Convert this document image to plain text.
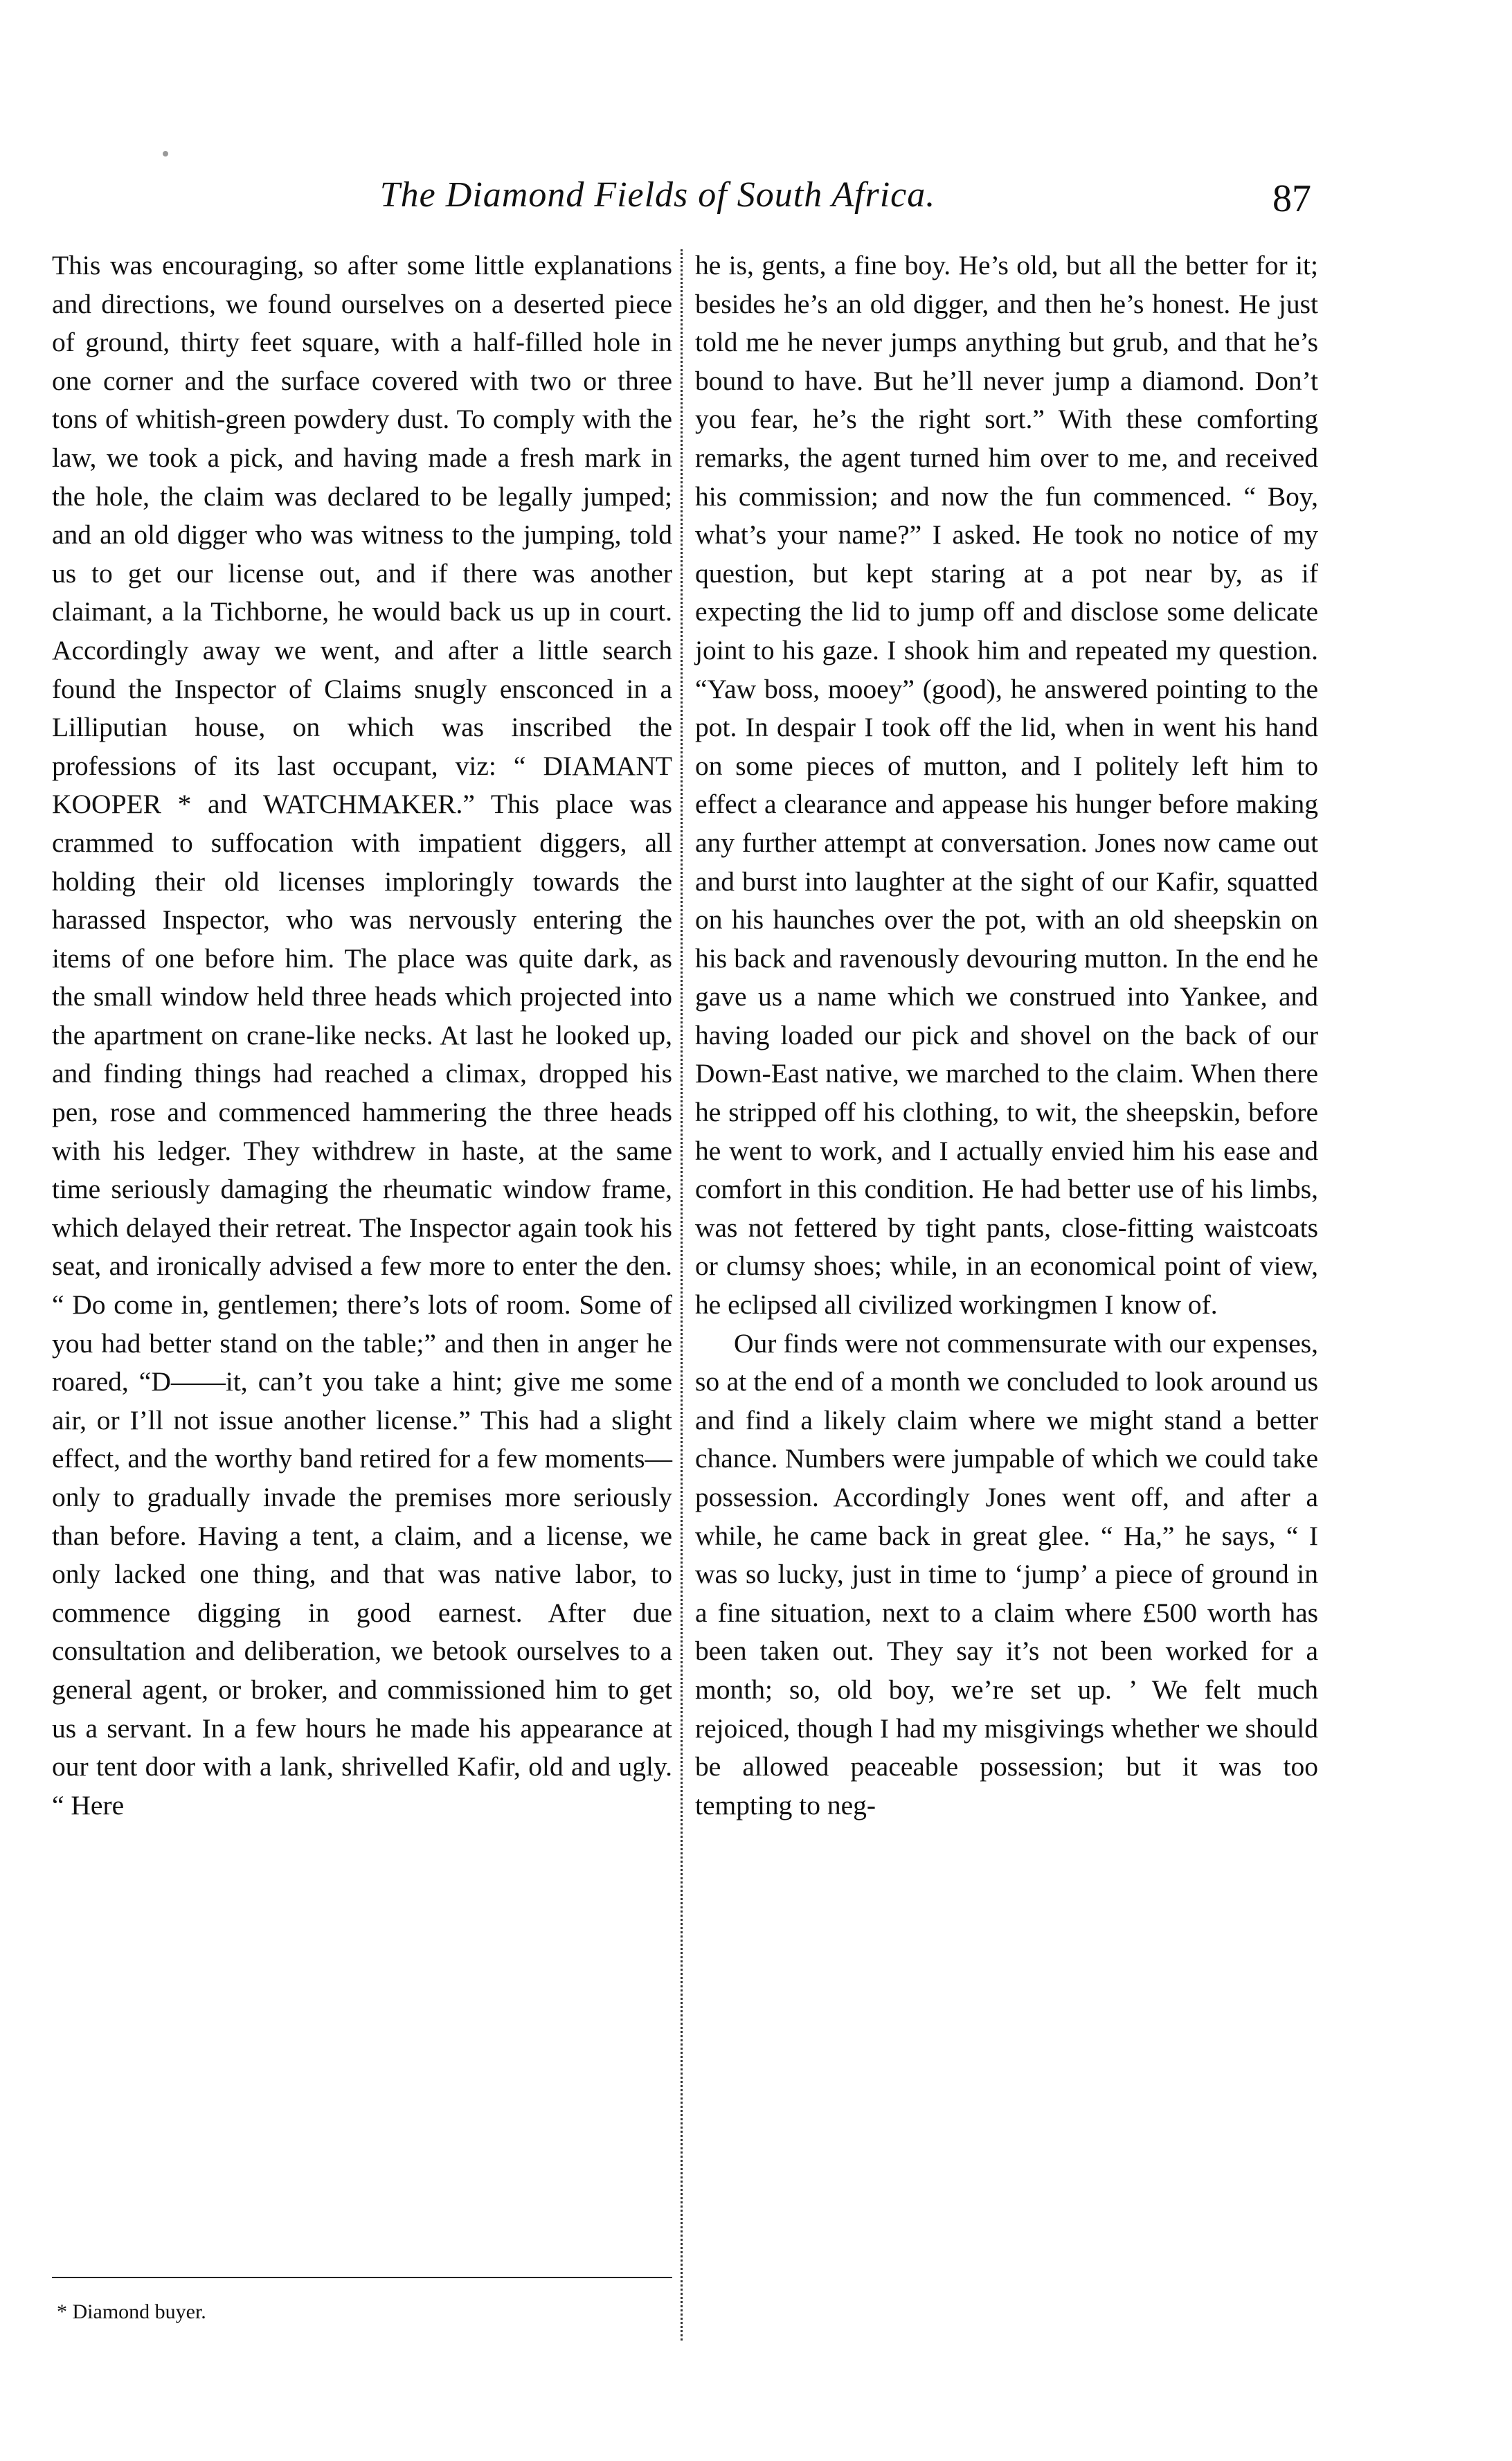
The Diamond Fields of South Africa.	87

This was encouraging, so after some little explanations and directions, we found ourselves on a deserted piece of ground, thirty feet square, with a half-filled hole in one corner and the surface covered with two or three tons of whitish-green powdery dust. To comply with the law, we took a pick, and having made a fresh mark in the hole, the claim was declared to be legally jumped; and an old digger who was witness to the jumping, told us to get our license out, and if there was another claimant, a la Tichborne, he would back us up in court. Accordingly away we went, and after a little search found the Inspector of Claims snugly ensconced in a Lilliputian house, on which was inscribed the professions of its last occupant, viz: “ DIAMANT KOOPER * and WATCHMAKER.” This place was crammed to suffocation with impatient diggers, all holding their old licenses imploringly towards the harassed Inspector, who was nervously entering the items of one before him. The place was quite dark, as the small window held three heads which projected into the apartment on crane-like necks. At last he looked up, and finding things had reached a climax, dropped his pen, rose and commenced hammering the three heads with his ledger. They withdrew in haste, at the same time seriously damaging the rheumatic window frame, which delayed their retreat. The Inspector again took his seat, and ironically advised a few more to enter the den. “ Do come in, gentlemen; there’s lots of room. Some of you had better stand on the table;” and then in anger he roared, “D——it, can’t you take a hint; give me some air, or I’ll not issue another license.” This had a slight effect, and the worthy band retired for a few moments—only to gradually invade the premises more seriously than before. Having a tent, a claim, and a license, we only lacked one thing, and that was native labor, to commence digging in good earnest. After due consultation and deliberation, we betook ourselves to a general agent, or broker, and commissioned him to get us a servant. In a few hours he made his appearance at our tent door with a lank, shrivelled Kafir, old and ugly. “ Here

he is, gents, a fine boy. He’s old, but all the better for it; besides he’s an old digger, and then he’s honest. He just told me he never jumps anything but grub, and that he’s bound to have. But he’ll never jump a diamond. Don’t you fear, he’s the right sort.” With these comforting remarks, the agent turned him over to me, and received his commission; and now the fun commenced. “ Boy, what’s your name?” I asked. He took no notice of my question, but kept staring at a pot near by, as if expecting the lid to jump off and disclose some delicate joint to his gaze. I shook him and repeated my question. “Yaw boss, mooey” (good), he answered pointing to the pot. In despair I took off the lid, when in went his hand on some pieces of mutton, and I politely left him to effect a clearance and appease his hunger before making any further attempt at conversation. Jones now came out and burst into laughter at the sight of our Kafir, squatted on his haunches over the pot, with an old sheepskin on his back and ravenously devouring mutton. In the end he gave us a name which we construed into Yankee, and having loaded our pick and shovel on the back of our Down-East native, we marched to the claim. When there he stripped off his clothing, to wit, the sheepskin, before he went to work, and I actually envied him his ease and comfort in this condition. He had better use of his limbs, was not fettered by tight pants, close-fitting waistcoats or clumsy shoes; while, in an economical point of view, he eclipsed all civilized workingmen I know of.

Our finds were not commensurate with our expenses, so at the end of a month we concluded to look around us and find a likely claim where we might stand a better chance. Numbers were jumpable of which we could take possession. Accordingly Jones went off, and after a while, he came back in great glee. “ Ha,” he says, “ I was so lucky, just in time to ‘jump’ a piece of ground in a fine situation, next to a claim where £500 worth has been taken out. They say it’s not been worked for a month; so, old boy, we’re set up. ’ We felt much rejoiced, though I had my misgivings whether we should be allowed peaceable possession; but it was too tempting to neg-

* Diamond buyer.
